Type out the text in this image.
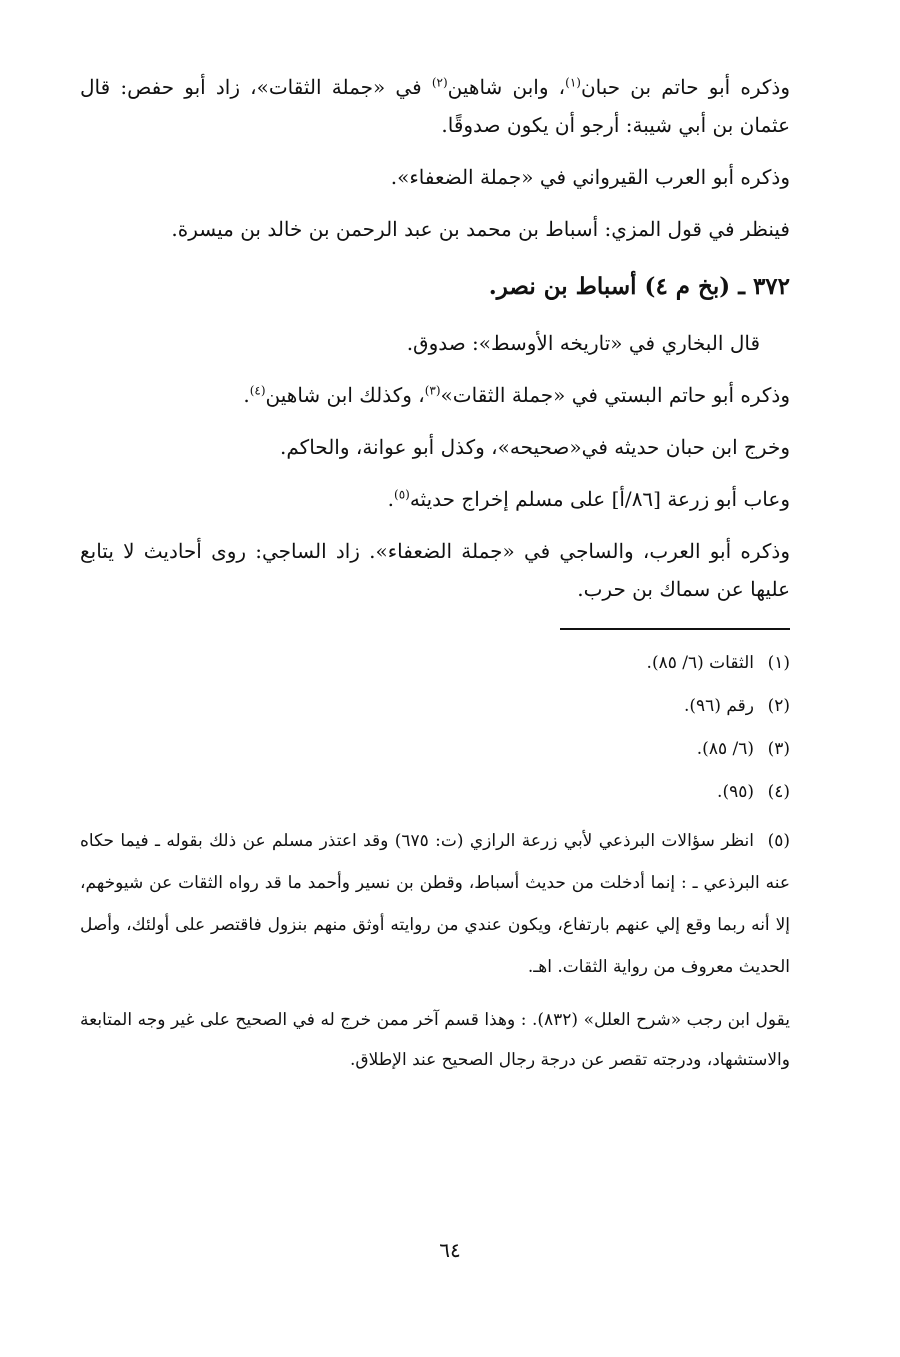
وذكره أبو حاتم بن حبان$^{(١)}$، وابن شاهين$^{(٢)}$ في «جملة الثقات»، زاد أبو حفص: قال عثمان بن أبي شيبة: أرجو أن يكون صدوقًا.

وذكره أبو العرب القيرواني في «جملة الضعفاء».

فينظر في قول المزي: أسباط بن محمد بن عبد الرحمن بن خالد بن ميسرة.

٣٧٢ ـ (بخ م ٤) أسباط بن نصر.

قال البخاري في «تاريخه الأوسط»: صدوق.

وذكره أبو حاتم البستي في «جملة الثقات»$^{(٣)}$، وكذلك ابن شاهين$^{(٤)}$.

وخرج ابن حبان حديثه في«صحيحه»، وكذل أبو عوانة، والحاكم.

وعاب أبو زرعة [٨٦/أ] على مسلم إخراج حديثه$^{(٥)}$.

وذكره أبو العرب، والساجي في «جملة الضعفاء». زاد الساجي: روى أحاديث لا يتابع عليها عن سماك بن حرب.

(١)الثقات (٦/ ٨٥).
(٢)رقم (٩٦).
(٣)(٦/ ٨٥).
(٤)(٩٥).
(٥)انظر سؤالات البرذعي لأبي زرعة الرازي (ت: ٦٧٥) وقد اعتذر مسلم عن ذلك بقوله ـ فيما حكاه عنه البرذعي ـ : إنما أدخلت من حديث أسباط، وقطن بن نسير وأحمد ما قد رواه الثقات عن شيوخهم، إلا أنه ربما وقع إلي عنهم بارتفاع، ويكون عندي من روايته أوثق منهم بنزول فاقتصر على أولئك، وأصل الحديث معروف من رواية الثقات. اهـ.

يقول ابن رجب «شرح العلل» (٨٣٢). : وهذا قسم آخر ممن خرج له في الصحيح على غير وجه المتابعة والاستشهاد، ودرجته تقصر عن درجة رجال الصحيح عند الإطلاق.

٦٤
